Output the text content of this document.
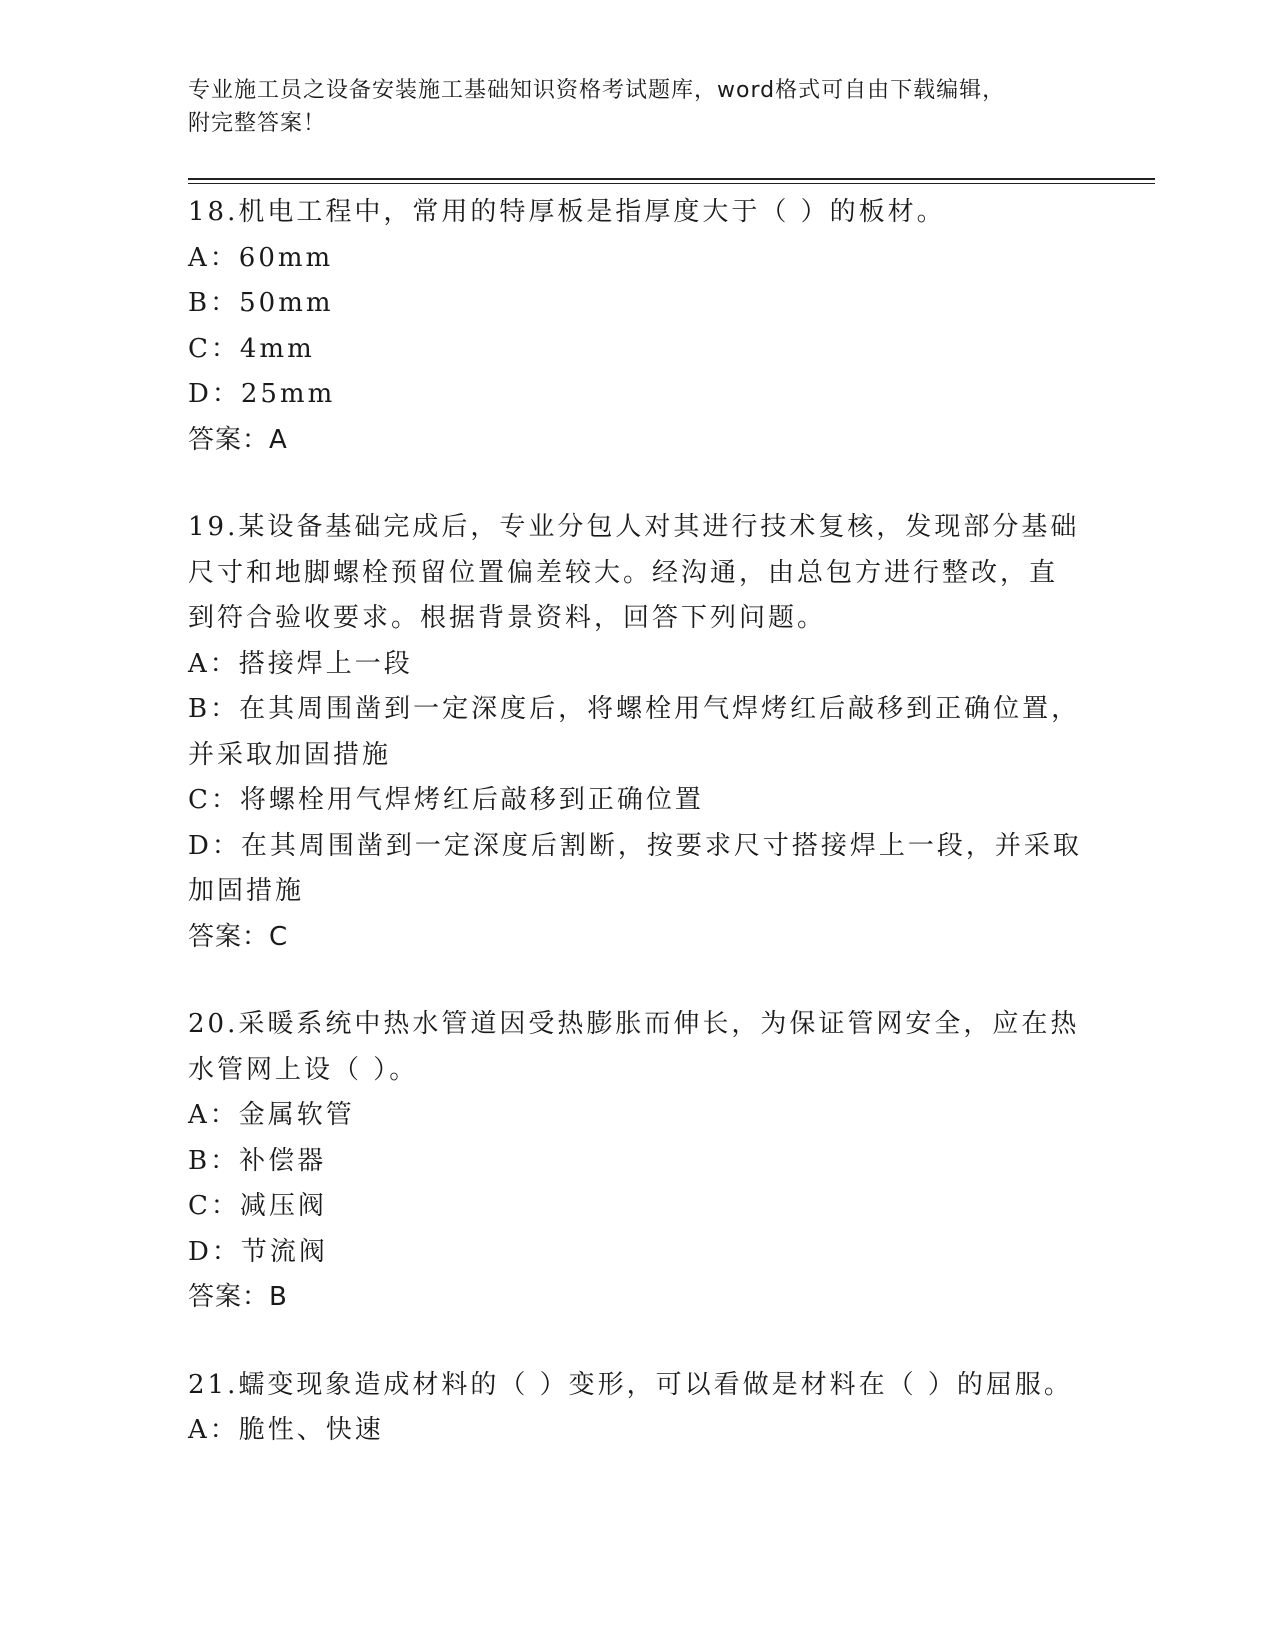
专业施工员之设备安装施工基础知识资格考试题库，word格式可自由下载编辑，
附完整答案！
18.机电工程中，常用的特厚板是指厚度大于（ ）的板材。
A：60mm
B：50mm
C：4mm
D：25mm
答案：A
19.某设备基础完成后，专业分包人对其进行技术复核，发现部分基础
尺寸和地脚螺栓预留位置偏差较大。经沟通，由总包方进行整改，直
到符合验收要求。根据背景资料，回答下列问题。
A：搭接焊上一段
B：在其周围凿到一定深度后，将螺栓用气焊烤红后敲移到正确位置，
并采取加固措施
C：将螺栓用气焊烤红后敲移到正确位置
D：在其周围凿到一定深度后割断，按要求尺寸搭接焊上一段，并采取
加固措施
答案：C
20.采暖系统中热水管道因受热膨胀而伸长，为保证管网安全，应在热
水管网上设（ ）。
A：金属软管
B：补偿器
C：减压阀
D：节流阀
答案：B
21.蠕变现象造成材料的（ ）变形，可以看做是材料在（ ）的屈服。
A：脆性、快速
